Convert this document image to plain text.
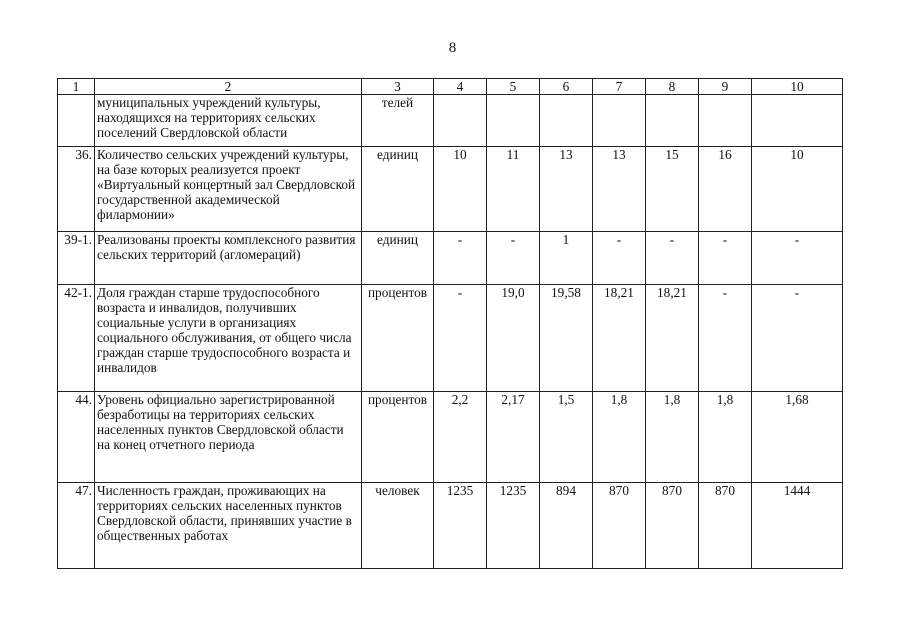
8
1	2	3	4	5	6	7	8	9	10
	муниципальных учреждений культуры, находящихся на территориях сельских поселений Свердловской области	телей							
36.	Количество сельских учреждений культуры, на базе которых реализуется проект «Виртуальный концертный зал Свердловской государственной академической филармонии»	единиц	10	11	13	13	15	16	10
39-1.	Реализованы проекты комплексного развития сельских территорий (агломераций)	единиц	-	-	1	-	-	-	-
42-1.	Доля граждан старше трудоспособного возраста и инвалидов, получивших социальные услуги в организациях социального обслуживания, от общего числа граждан старше трудоспособного возраста и инвалидов	процентов	-	19,0	19,58	18,21	18,21	-	-
44.	Уровень официально зарегистрированной безработицы на территориях сельских населенных пунктов Свердловской области на конец отчетного периода	процентов	2,2	2,17	1,5	1,8	1,8	1,8	1,68
47.	Численность граждан, проживающих на территориях сельских населенных пунктов Свердловской области, принявших участие в общественных работах	человек	1235	1235	894	870	870	870	1444
